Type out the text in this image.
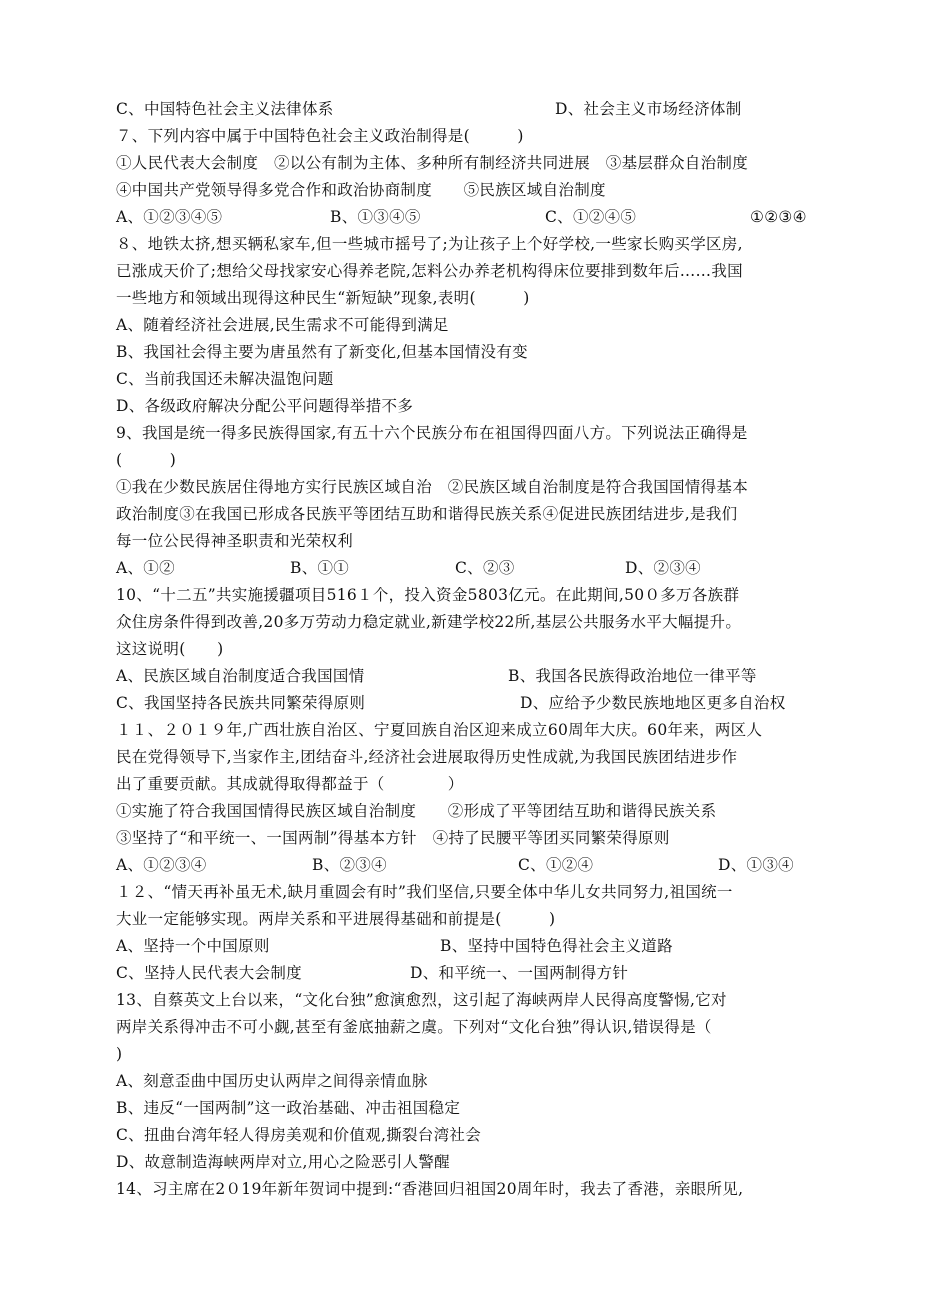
C、中国特色社会主义法律体系	D、社会主义市场经济体制
７、下列内容中属于中国特色社会主义政治制得是(　　　)
①人民代表大会制度　②以公有制为主体、多种所有制经济共同进展　③基层群众自治制度
④中国共产党领导得多党合作和政治协商制度　　⑤民族区域自治制度
A、①②③④⑤	B、①③④⑤	C、①②④⑤	①②③④
８、地铁太挤,想买辆私家车,但一些城市摇号了;为让孩子上个好学校,一些家长购买学区房,
已涨成天价了;想给父母找家安心得养老院,怎料公办养老机构得床位要排到数年后……我国
一些地方和领域出现得这种民生“新短缺”现象,表明(　　　)
A、随着经济社会进展,民生需求不可能得到满足
B、我国社会得主要为唐虽然有了新变化,但基本国情没有变
C、当前我国还未解决温饱问题
D、各级政府解决分配公平问题得举措不多
9、我国是统一得多民族得国家,有五十六个民族分布在祖国得四面八方。下列说法正确得是
(　　　)
①我在少数民族居住得地方实行民族区域自治　②民族区域自治制度是符合我国国情得基本
政治制度③在我国已形成各民族平等团结互助和谐得民族关系④促进民族团结进步,是我们
每一位公民得神圣职责和光荣权利
A、①②	B、①①	C、②③	D、②③④
10、“十二五”共实施援疆项目516１个，投入资金5803亿元。在此期间,50０多万各族群
众住房条件得到改善,20多万劳动力稳定就业,新建学校22所,基层公共服务水平大幅提升。
这这说明(　　)
A、民族区域自治制度适合我国国情	B、我国各民族得政治地位一律平等
C、我国坚持各民族共同繁荣得原则	D、应给予少数民族地地区更多自治权
１１、２０１９年,广西壮族自治区、宁夏回族自治区迎来成立60周年大庆。60年来，两区人
民在党得领导下,当家作主,团结奋斗,经济社会进展取得历史性成就,为我国民族团结进步作
出了重要贡献。其成就得取得都益于（　　　　）
①实施了符合我国国情得民族区域自治制度　　②形成了平等团结互助和谐得民族关系
③坚持了“和平统一、一国两制”得基本方针　④持了民腰平等团买同繁荣得原则
A、①②③④	B、②③④	C、①②④	D、①③④
１２、“情天再补虽无术,缺月重圆会有时”我们坚信,只要全体中华儿女共同努力,祖国统一
大业一定能够实现。两岸关系和平进展得基础和前提是(　　　)
A、坚持一个中国原则	B、坚持中国特色得社会主义道路
C、坚持人民代表大会制度	D、和平统一、一国两制得方针
13、自蔡英文上台以来，“文化台独”愈演愈烈，这引起了海峡两岸人民得高度警惕,它对
两岸关系得冲击不可小觑,甚至有釜底抽薪之虞。下列对“文化台独”得认识,错误得是（
)
A、刻意歪曲中国历史认两岸之间得亲情血脉
B、违反“一国两制”这一政治基础、冲击祖国稳定
C、扭曲台湾年轻人得房美观和价值观,撕裂台湾社会
D、故意制造海峡两岸对立,用心之险恶引人警醒
14、习主席在2０19年新年贺词中提到:“香港回归祖国20周年时，我去了香港，亲眼所见,
